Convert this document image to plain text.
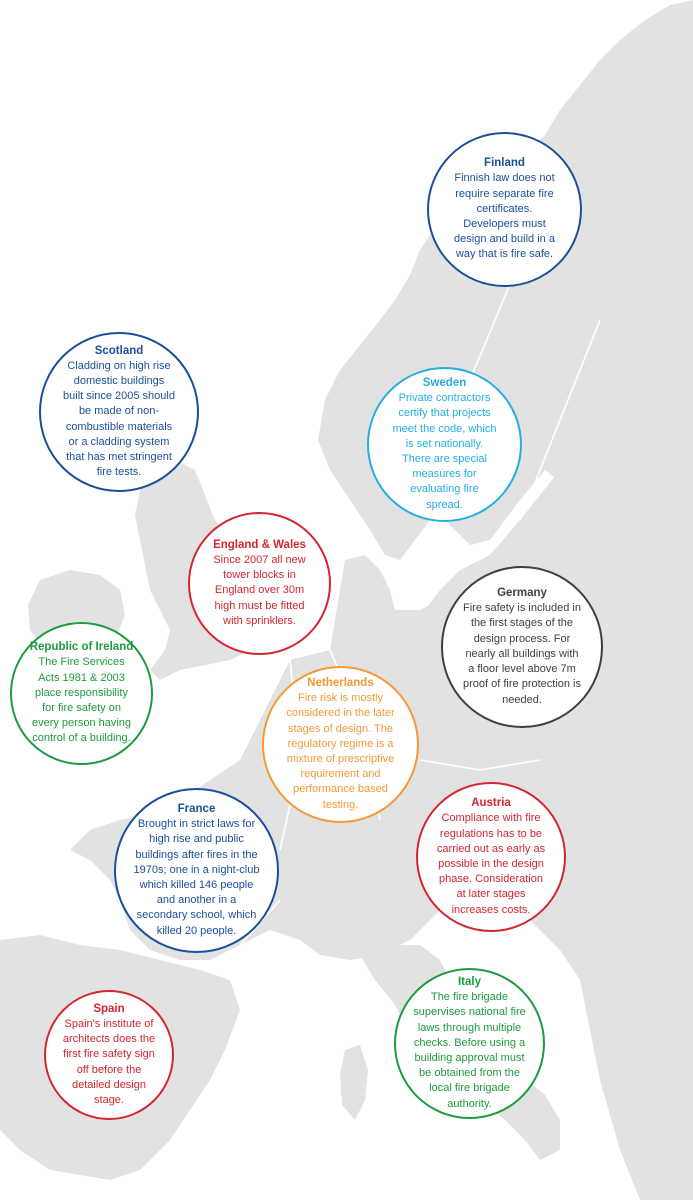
Finland
Finnish law does not require separate fire certificates. Developers must design and build in a way that is fire safe.
Scotland
Cladding on high rise domestic buildings built since 2005 should be made of non-combustible materials or a cladding system that has met stringent fire tests.
Sweden
Private contractors certify that projects meet the code, which is set nationally. There are special measures for evaluating fire spread.
England & Wales
Since 2007 all new tower blocks in England over 30m high must be fitted with sprinklers.
Germany
Fire safety is included in the first stages of the design process. For nearly all buildings with a floor level above 7m proof of fire protection is needed.
Republic of Ireland
The Fire Services Acts 1981 & 2003 place responsibility for fire safety on every person having control of a building.
Netherlands
Fire risk is mostly considered in the later stages of design. The regulatory regime is a mixture of prescriptive requirement and performance based testing.	Austria
Compliance with fire regulations has to be carried out as early as possible in the design phase. Consideration at later stages increases costs.
France
Brought in strict laws for high rise and public buildings after fires in the 1970s; one in a night-club which killed 146 people and another in a secondary school, which killed 20 people.
Spain
Spain's institute of architects does the first fire safety sign off before the detailed design stage.
Italy
The fire brigade supervises national fire laws through multiple checks. Before using a building approval must be obtained from the local fire brigade authority.
